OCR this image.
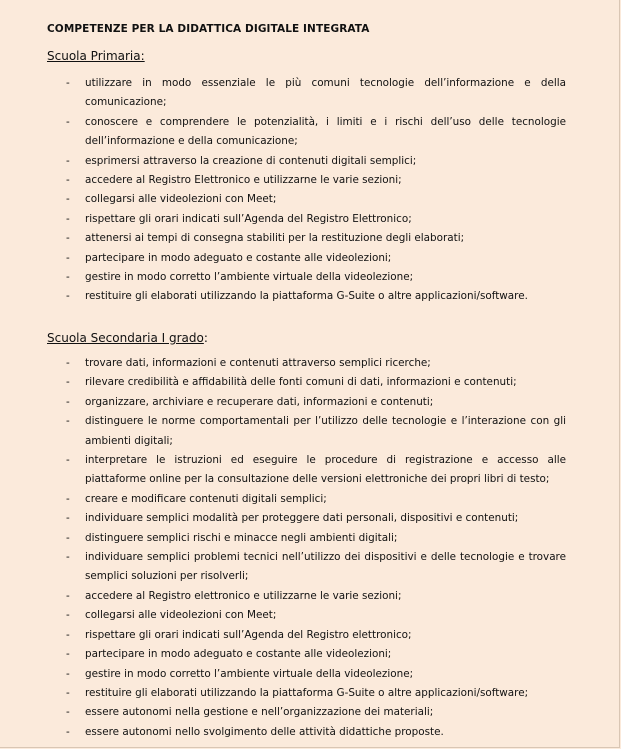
COMPETENZE PER LA DIDATTICA DIGITALE INTEGRATA
Scuola Primaria:
- utilizzare in modo essenziale le più comuni tecnologie dell’informazione e della comunicazione;
- conoscere e comprendere le potenzialità, i limiti e i rischi dell’uso delle tecnologie dell’informazione e della comunicazione;
- esprimersi attraverso la creazione di contenuti digitali semplici;
- accedere al Registro Elettronico e utilizzarne le varie sezioni;
- collegarsi alle videolezioni con Meet;
- rispettare gli orari indicati sull’Agenda del Registro Elettronico;
- attenersi ai tempi di consegna stabiliti per la restituzione degli elaborati;
- partecipare in modo adeguato e costante alle videolezioni;
- gestire in modo corretto l’ambiente virtuale della videolezione;
- restituire gli elaborati utilizzando la piattaforma G-Suite o altre applicazioni/software.
Scuola Secondaria I grado:
- trovare dati, informazioni e contenuti attraverso semplici ricerche;
- rilevare credibilità e affidabilità delle fonti comuni di dati, informazioni e contenuti;
- organizzare, archiviare e recuperare dati, informazioni e contenuti;
- distinguere le norme comportamentali per l’utilizzo delle tecnologie e l’interazione con gli ambienti digitali;
- interpretare le istruzioni ed eseguire le procedure di registrazione e accesso alle piattaforme online per la consultazione delle versioni elettroniche dei propri libri di testo;
- creare e modificare contenuti digitali semplici;
- individuare semplici modalità per proteggere dati personali, dispositivi e contenuti;
- distinguere semplici rischi e minacce negli ambienti digitali;
- individuare semplici problemi tecnici nell’utilizzo dei dispositivi e delle tecnologie e trovare semplici soluzioni per risolverli;
- accedere al Registro elettronico e utilizzarne le varie sezioni;
- collegarsi alle videolezioni con Meet;
- rispettare gli orari indicati sull’Agenda del Registro elettronico;
- partecipare in modo adeguato e costante alle videolezioni;
- gestire in modo corretto l’ambiente virtuale della videolezione;
- restituire gli elaborati utilizzando la piattaforma G-Suite o altre applicazioni/software;
- essere autonomi nella gestione e nell’organizzazione dei materiali;
- essere autonomi nello svolgimento delle attività didattiche proposte.
